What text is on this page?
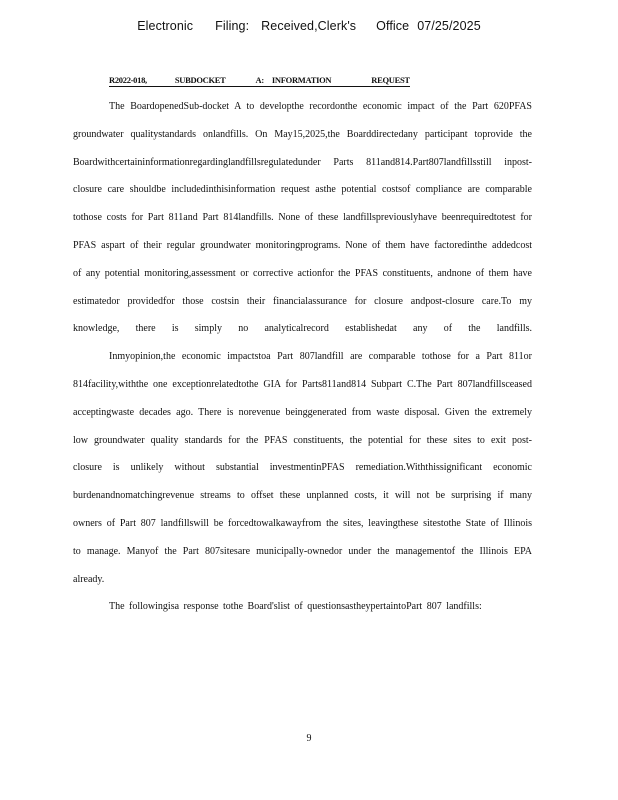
Electronic Filing: Received,Clerk's Office 07/25/2025
R2022-018,	SUBDOCKET	A: INFORMATION	REQUEST

The BoardopenedSub-docket A to developthe recordonthe economic impact of the Part 620PFAS groundwater qualitystandards onlandfills. On May15,2025,the Boarddirectedany participant toprovide the Boardwithcertaininformationregardinglandfillsregulatedunder Parts 811and814.Part807landfillsstill inpost-closure care shouldbe includedinthisinformation request asthe potential costsof compliance are comparable tothose costs for Part 811and Part 814landfills. None of these landfillspreviouslyhave beenrequiredtotest for PFAS aspart of their regular groundwater monitoringprograms. None of them have factoredinthe addedcost of any potential monitoring,assessment or corrective actionfor the PFAS constituents, andnone of them have estimatedor providedfor those costsin their financialassurance for closure andpost-closure care.To my knowledge, there is simply no analyticalrecord establishedat any of the landfills.

Inmyopinion,the economic impactstoa Part 807landfill are comparable tothose for a Part 811or 814facility,withthe one exceptionrelatedtothe GIA for Parts811and814 Subpart C.The Part 807landfillsceased acceptingwaste decades ago. There is norevenue beinggenerated from waste disposal. Given the extremely low groundwater quality standards for the PFAS constituents, the potential for these sites to exit post-closure is unlikely without substantial investmentinPFAS remediation.Withthissignificant economic burdenandnomatchingrevenue streams to offset these unplanned costs, it will not be surprising if many owners of Part 807 landfillswill be forcedtowalkawayfrom the sites, leavingthese sitestothe State of Illinois to manage. Manyof the Part 807sitesare municipally-ownedor under the managementof the Illinois EPA already.

The followingisa response tothe Board'slist of questionsastheypertaintoPart 807 landfills:

9
